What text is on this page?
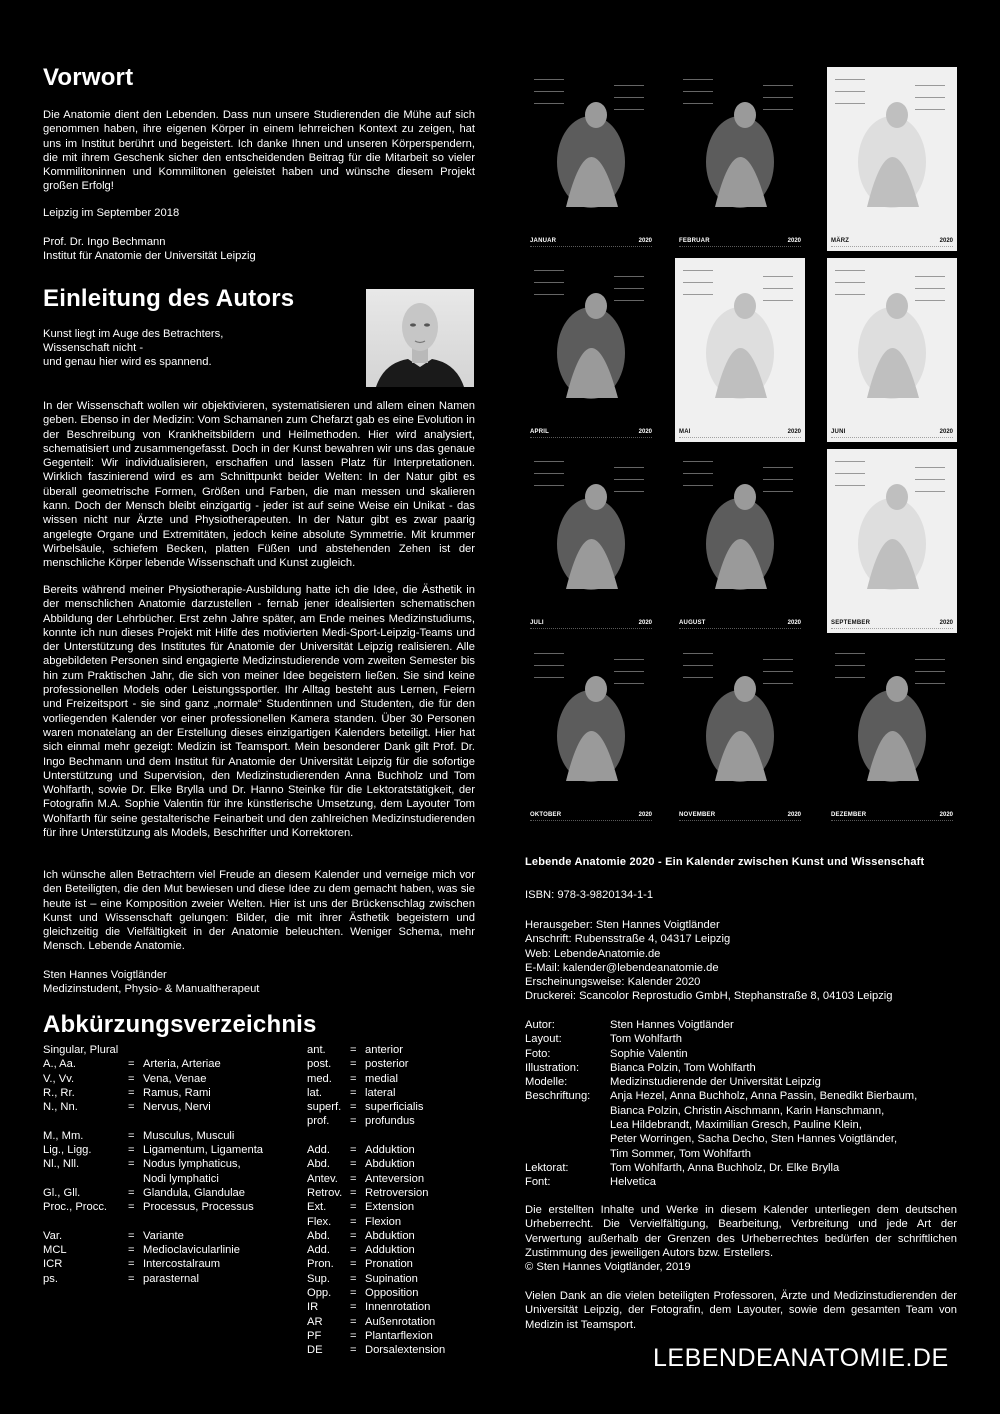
Vorwort

Die Anatomie dient den Lebenden. Dass nun unsere Studierenden die Mühe auf sich genommen haben, ihre eigenen Körper in einem lehrreichen Kontext zu zeigen, hat uns im Institut berührt und begeistert. Ich danke Ihnen und unseren Körperspendern, die mit ihrem Geschenk sicher den entscheidenden Beitrag für die Mitarbeit so vieler Kommilitoninnen und Kommilitonen geleistet haben und wünsche diesem Projekt großen Erfolg!

Leipzig im September 2018

Prof. Dr. Ingo Bechmann

Institut für Anatomie der Universität Leipzig

Einleitung des Autors

Kunst liegt im Auge des Betrachters,

Wissenschaft nicht -

und genau hier wird es spannend.

In der Wissenschaft wollen wir objektivieren, systematisieren und allem einen Namen geben. Ebenso in der Medizin: Vom Schamanen zum Chefarzt gab es eine Evolution in der Beschreibung von Krankheitsbildern und Heilmethoden. Hier wird analysiert, schematisiert und zusammengefasst. Doch in der Kunst bewahren wir uns das genaue Gegenteil: Wir individualisieren, erschaffen und lassen Platz für Interpretationen. Wirklich faszinierend wird es am Schnittpunkt beider Welten: In der Natur gibt es überall geometrische Formen, Größen und Farben, die man messen und skalieren kann. Doch der Mensch bleibt einzigartig - jeder ist auf seine Weise ein Unikat - das wissen nicht nur Ärzte und Physiotherapeuten. In der Natur gibt es zwar paarig angelegte Organe und Extremitäten, jedoch keine absolute Symmetrie. Mit krummer Wirbelsäule, schiefem Becken, platten Füßen und abstehenden Zehen ist der menschliche Körper lebende Wissenschaft und Kunst zugleich.

Bereits während meiner Physiotherapie-Ausbildung hatte ich die Idee, die Ästhetik in der menschlichen Anatomie darzustellen - fernab jener idealisierten schematischen Abbildung der Lehrbücher. Erst zehn Jahre später, am Ende meines Medizinstudiums, konnte ich nun dieses Projekt mit Hilfe des motivierten Medi-Sport-Leipzig-Teams und der Unterstützung des Institutes für Anatomie der Universität Leipzig realisieren. Alle abgebildeten Personen sind engagierte Medizinstudierende vom zweiten Semester bis hin zum Praktischen Jahr, die sich von meiner Idee begeistern ließen. Sie sind keine professionellen Models oder Leistungssportler. Ihr Alltag besteht aus Lernen, Feiern und Freizeitsport - sie sind ganz „normale“ Studentinnen und Studenten, die für den vorliegenden Kalender vor einer professionellen Kamera standen. Über 30 Personen waren monatelang an der Erstellung dieses einzigartigen Kalenders beteiligt. Hier hat sich einmal mehr gezeigt: Medizin ist Teamsport. Mein besonderer Dank gilt Prof. Dr. Ingo Bechmann und dem Institut für Anatomie der Universität Leipzig für die sofortige Unterstützung und Supervision, den Medizinstudierenden Anna Buchholz und Tom Wohlfarth, sowie Dr. Elke Brylla und Dr. Hanno Steinke für die Lektoratstätigkeit, der Fotografin M.A. Sophie Valentin für ihre künstlerische Umsetzung, dem Layouter Tom Wohlfarth für seine gestalterische Feinarbeit und den zahlreichen Medizinstudierenden für ihre Unterstützung als Models, Beschrifter und Korrektoren.

Ich wünsche allen Betrachtern viel Freude an diesem Kalender und verneige mich vor den Beteiligten, die den Mut bewiesen und diese Idee zu dem gemacht haben, was sie heute ist – eine Komposition zweier Welten. Hier ist uns der Brückenschlag zwischen Kunst und Wissenschaft gelungen: Bilder, die mit ihrer Ästhetik begeistern und gleichzeitig die Vielfältigkeit in der Anatomie beleuchten. Weniger Schema, mehr Mensch. Lebende Anatomie.

Sten Hannes Voigtländer

Medizinstudent, Physio- & Manualtherapeut

Abkürzungsverzeichnis
Singular, Plural
A., Aa.	= Arteria, Arteriae
V., Vv.	= Vena, Venae
R., Rr.	= Ramus, Rami
N., Nn.	= Nervus, Nervi
M., Mm.	= Musculus, Musculi
Lig., Ligg.	= Ligamentum, Ligamenta
Nl., Nll.	= Nodus lymphaticus,
Nodi lymphatici
Gl., Gll.	= Glandula, Glandulae
Proc., Procc. = Processus, Processus
Var.	= Variante
MCL	= Medioclavicularlinie
ICR	= Intercostalraum
ps.	= parasternal
ant. = anterior
post. = posterior
med. = medial
lat.	= lateral
superf. = superficialis
prof. = profundus
Add. = Adduktion
Abd. = Abduktion
Antev. = Anteversion
Retrov. = Retroversion
Ext. = Extension
Flex. = Flexion
Abd. = Abduktion
Add. = Adduktion
Pron. = Pronation
Sup. = Supination
Opp. = Opposition
IR	= Innenrotation
AR = Außenrotation
PF	= Plantarflexion
DE = Dorsalextension
JANUAR	2020	FEBRUAR	2020	MÄRZ	2020
APRIL	2020	MAI	2020	JUNI	2020
JULI	2020	AUGUST	2020	SEPTEMBER	2020
OKTOBER	2020	NOVEMBER	2020	DEZEMBER	2020
Lebende Anatomie 2020 - Ein Kalender zwischen Kunst und Wissenschaft
ISBN: 978-3-9820134-1-1
Herausgeber: Sten Hannes Voigtländer
Anschrift: Rubensstraße 4, 04317 Leipzig
Web: LebendeAnatomie.de
E-Mail: kalender@lebendeanatomie.de
Erscheinungsweise: Kalender 2020
Druckerei: Scancolor Reprostudio GmbH, Stephanstraße 8, 04103 Leipzig
Autor:	Sten Hannes Voigtländer
Layout:	Tom Wohlfarth
Foto:	Sophie Valentin
Illustration:	Bianca Polzin, Tom Wohlfarth
Modelle:	Medizinstudierende der Universität Leipzig
Beschriftung: Anja Hezel, Anna Buchholz, Anna Passin, Benedikt Bierbaum,
Bianca Polzin, Christin Aischmann, Karin Hanschmann,
Lea Hildebrandt, Maximilian Gresch, Pauline Klein,
Peter Worringen, Sacha Decho, Sten Hannes Voigtländer,
Tim Sommer, Tom Wohlfarth
Lektorat:	Tom Wohlfarth, Anna Buchholz, Dr. Elke Brylla
Font:	Helvetica
Die erstellten Inhalte und Werke in diesem Kalender unterliegen dem deutschen Urheberrecht. Die Vervielfältigung, Bearbeitung, Verbreitung und jede Art der Verwertung außerhalb der Grenzen des Urheberrechtes bedürfen der schriftlichen Zustimmung des jeweiligen Autors bzw. Erstellers.
© Sten Hannes Voigtländer, 2019
Vielen Dank an die vielen beteiligten Professoren, Ärzte und Medizinstudierenden der Universität Leipzig, der Fotografin, dem Layouter, sowie dem gesamten Team von Medizin ist Teamsport.
LEBENDEANATOMIE.DE
